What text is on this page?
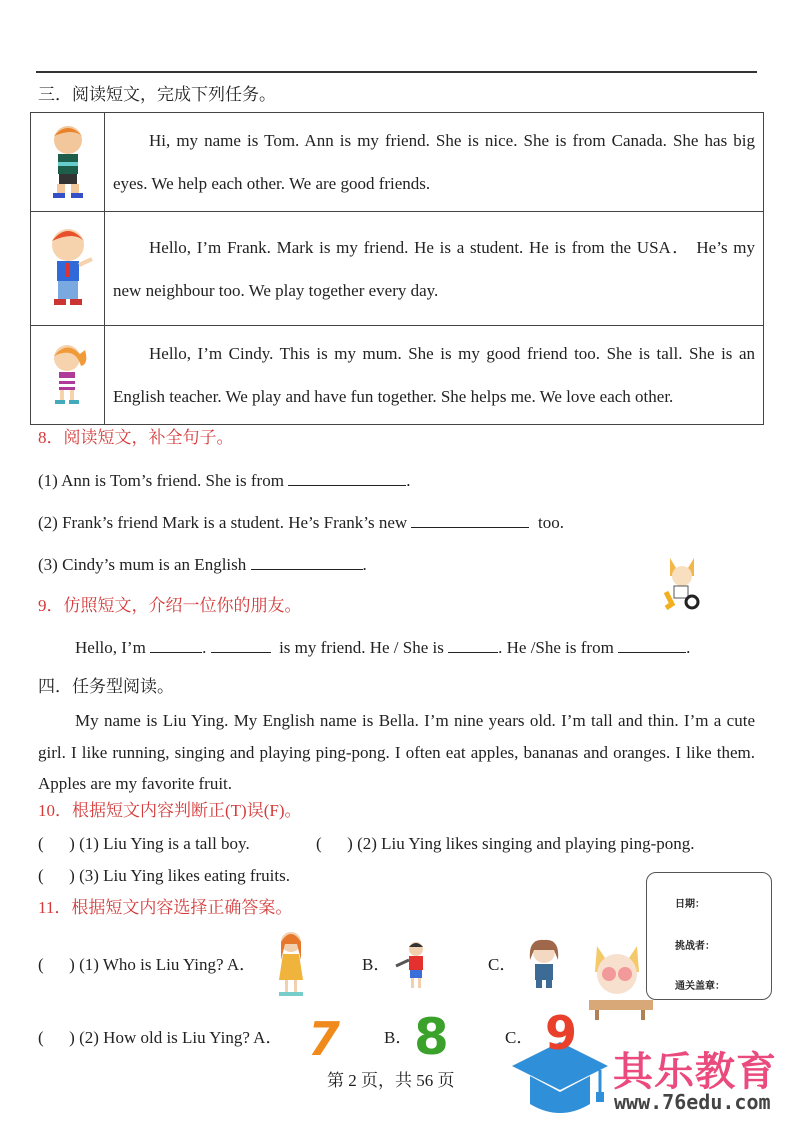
三．阅读短文，完成下列任务。
	Hi, my name is Tom. Ann is my friend. She is nice. She is from Canada. She has big eyes. We help each other. We are good friends.
	Hello, I’m Frank. Mark is my friend. He is a student. He is from the USA． He’s my new neighbour too. We play together every day.
	Hello, I’m Cindy. This is my mum. She is my good friend too. She is tall. She is an English teacher. We play and have fun together. She helps me. We love each other.
8．阅读短文，补全句子。
(1) Ann is Tom’s friend. She is from	.
(2) Frank’s friend Mark is a student. He’s Frank’s new	too.
(3) Cindy’s mum is an English	.
9．仿照短文，介绍一位你的朋友。
Hello, I’m	.	is my friend. He / She is	. He /She is from	.
四．任务型阅读。
My name is Liu Ying. My English name is Bella. I’m nine years old. I’m tall and thin. I’m a cute girl. I like running, singing and playing ping-pong. I often eat apples, bananas and oranges. I like them. Apples are my favorite fruit.
10．根据短文内容判断正(T)误(F)。
( ) (1) Liu Ying is a tall boy.	( ) (2) Liu Ying likes singing and playing ping-pong.
( ) (3) Liu Ying likes eating fruits.
11．根据短文内容选择正确答案。
( ) (1) Who is Liu Ying? A．	B．	C．
日期：
挑战者：
通关盖章：
( ) (2) How old is Liu Ying? A． 7	B． 8	C．
第 2 页，共 56 页	其乐教育
www.76edu.com
9
